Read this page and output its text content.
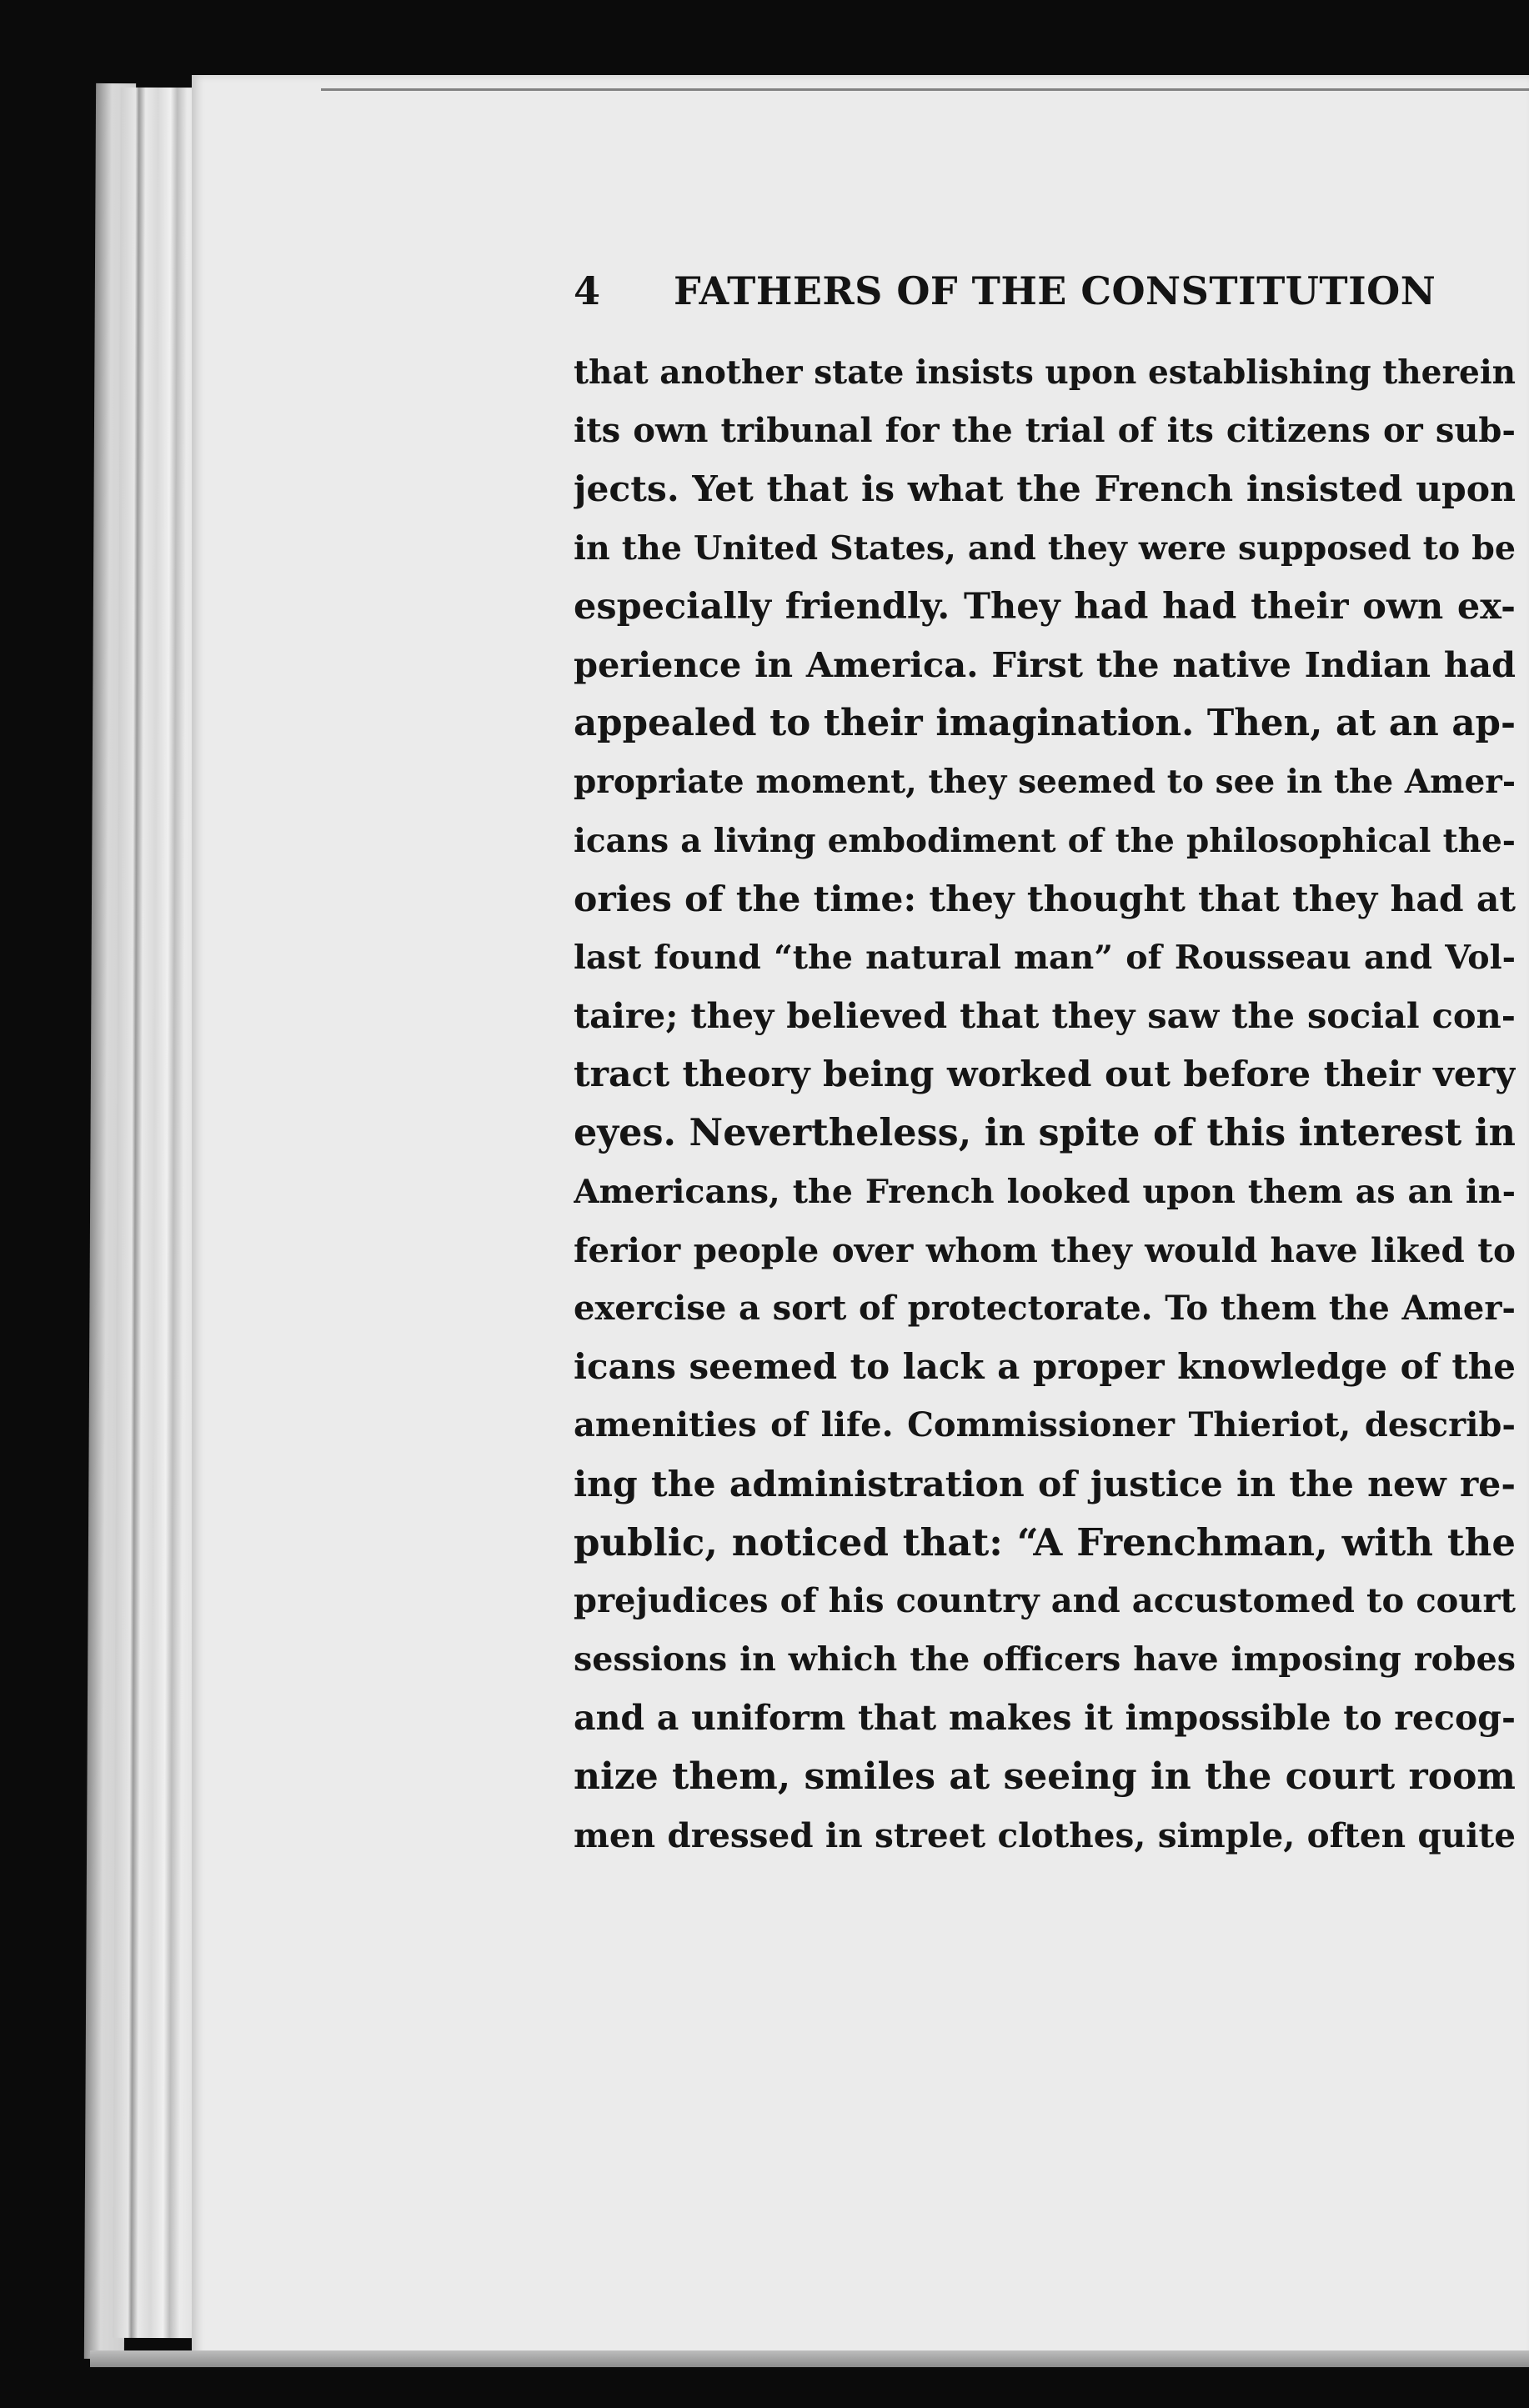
4 FATHERS OF THE CONSTITUTION
that another state insists upon establishing therein
its own tribunal for the trial of its citizens or sub-
jects. Yet that is what the French insisted upon
in the United States, and they were supposed to be
especially friendly. They had had their own ex-
perience in America. First the native Indian had
appealed to their imagination. Then, at an ap-
propriate moment, they seemed to see in the Amer-
icans a living embodiment of the philosophical the-
ories of the time: they thought that they had at
last found “the natural man” of Rousseau and Vol-
taire; they believed that they saw the social con-
tract theory being worked out before their very
eyes. Nevertheless, in spite of this interest in
Americans, the French looked upon them as an in-
ferior people over whom they would have liked to
exercise a sort of protectorate. To them the Amer-
icans seemed to lack a proper knowledge of the
amenities of life. Commissioner Thieriot, describ-
ing the administration of justice in the new re-
public, noticed that: “A Frenchman, with the
prejudices of his country and accustomed to court
sessions in which the officers have imposing robes
and a uniform that makes it impossible to recog-
nize them, smiles at seeing in the court room
men dressed in street clothes, simple, often quite
